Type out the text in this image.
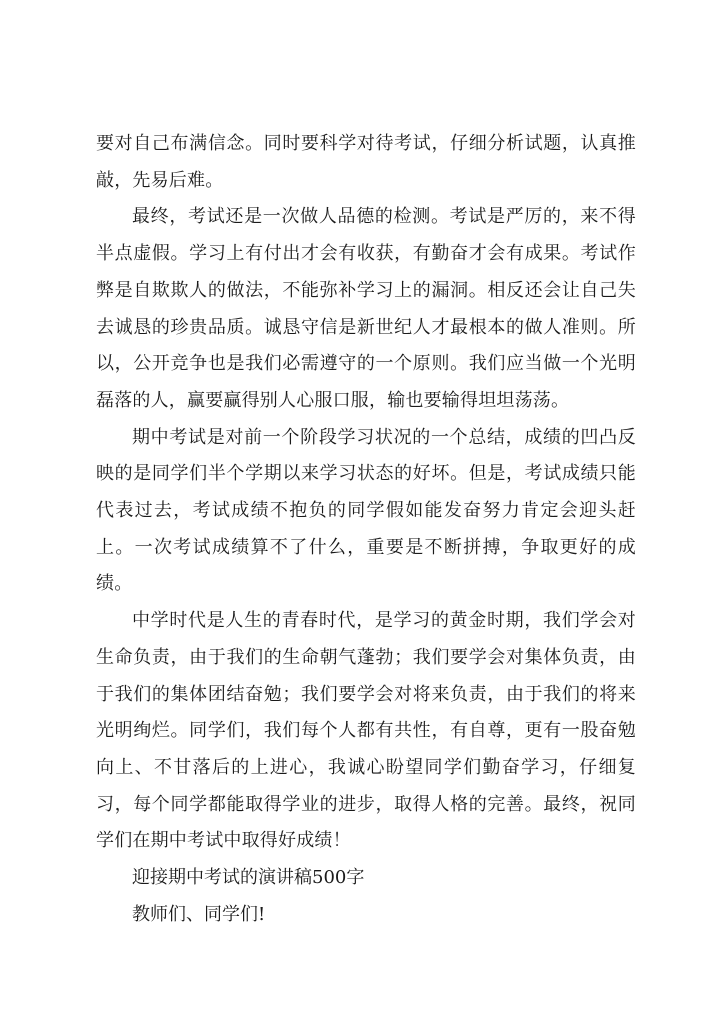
要对自己布满信念。同时要科学对待考试，仔细分析试题，认真推敲，先易后难。

最终，考试还是一次做人品德的检测。考试是严厉的，来不得半点虚假。学习上有付出才会有收获，有勤奋才会有成果。考试作弊是自欺欺人的做法，不能弥补学习上的漏洞。相反还会让自己失去诚恳的珍贵品质。诚恳守信是新世纪人才最根本的做人准则。所以，公开竞争也是我们必需遵守的一个原则。我们应当做一个光明磊落的人，赢要赢得别人心服口服，输也要输得坦坦荡荡。

期中考试是对前一个阶段学习状况的一个总结，成绩的凹凸反映的是同学们半个学期以来学习状态的好坏。但是，考试成绩只能代表过去，考试成绩不抱负的同学假如能发奋努力肯定会迎头赶上。一次考试成绩算不了什么，重要是不断拼搏，争取更好的成绩。

中学时代是人生的青春时代，是学习的黄金时期，我们学会对生命负责，由于我们的生命朝气蓬勃；我们要学会对集体负责，由于我们的集体团结奋勉；我们要学会对将来负责，由于我们的将来光明绚烂。同学们，我们每个人都有共性，有自尊，更有一股奋勉向上、不甘落后的上进心，我诚心盼望同学们勤奋学习，仔细复习，每个同学都能取得学业的进步，取得人格的完善。最终，祝同学们在期中考试中取得好成绩！

迎接期中考试的演讲稿500字

教师们、同学们!
